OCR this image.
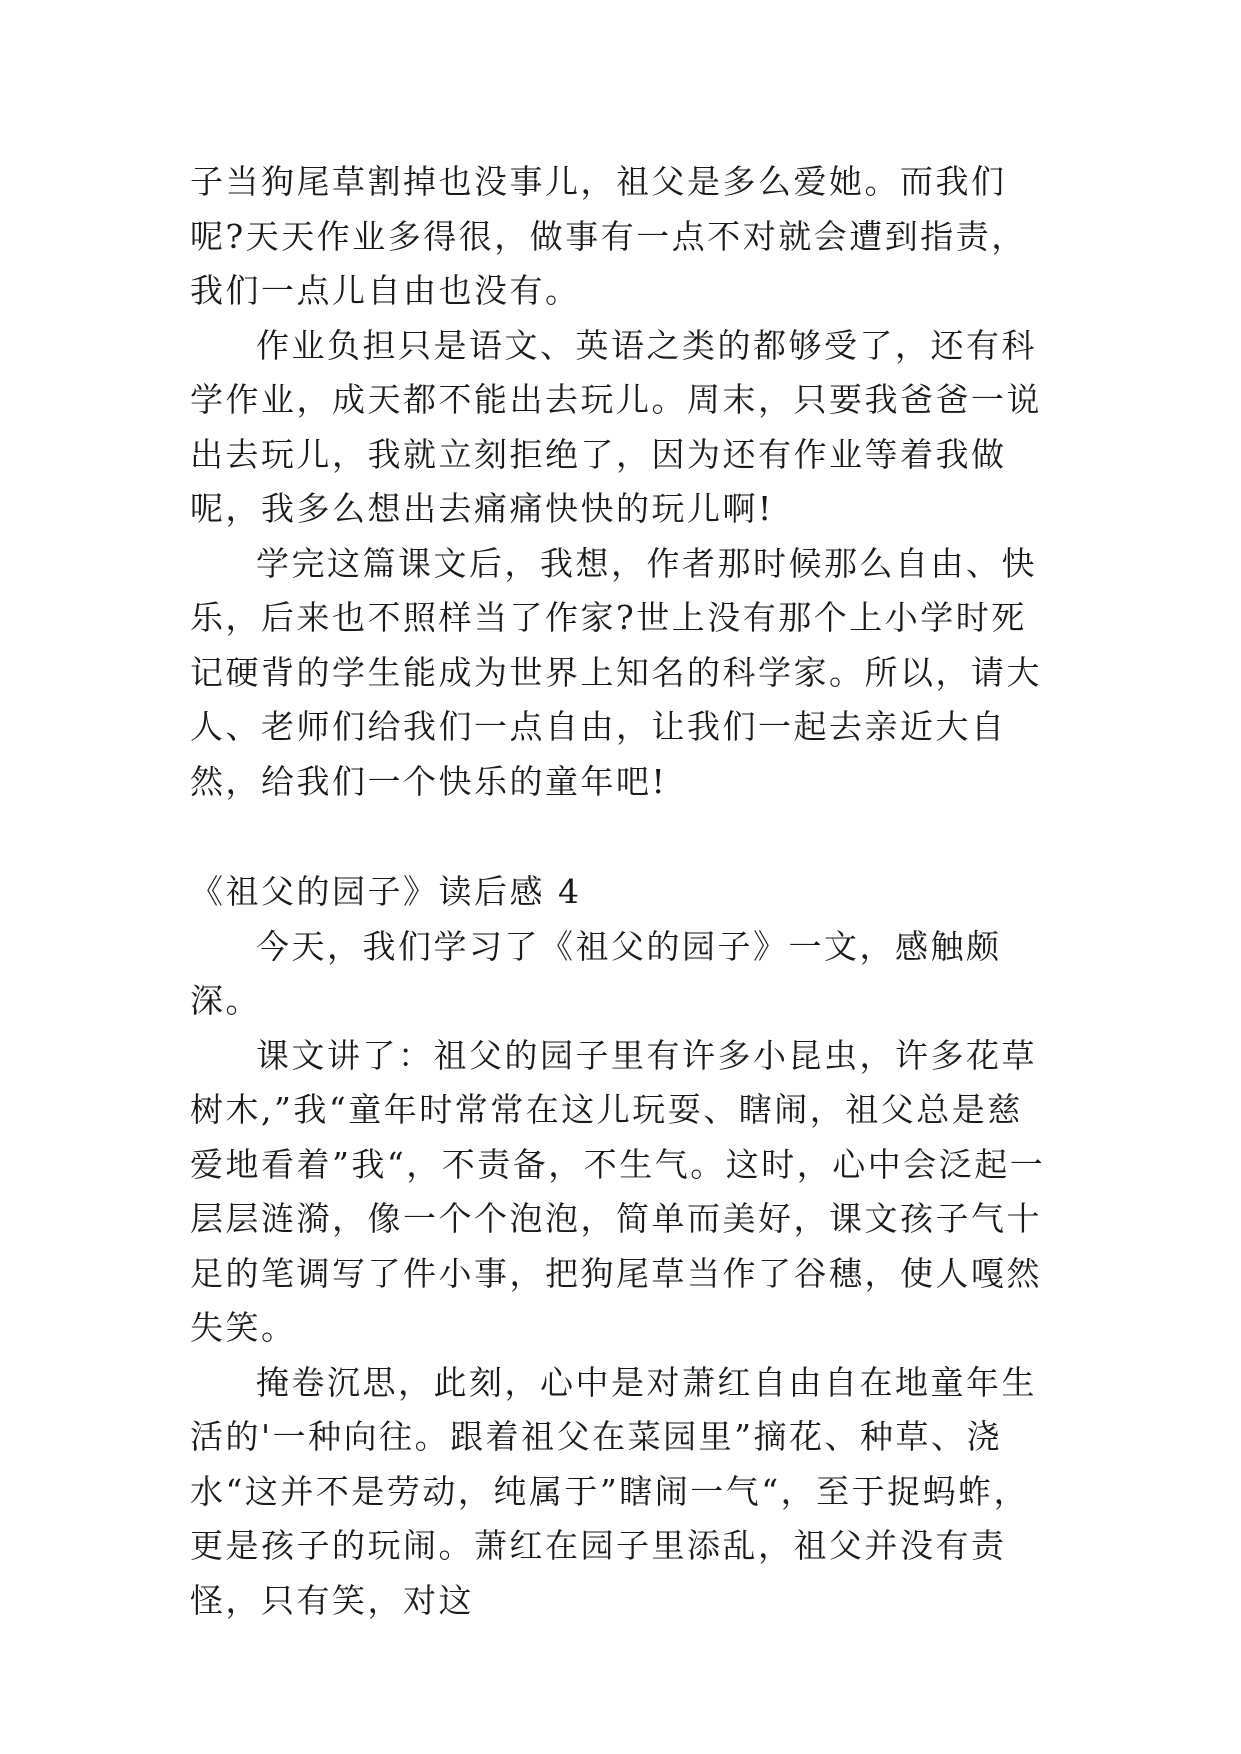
子当狗尾草割掉也没事儿，祖父是多么爱她。而我们呢?天天作业多得很，做事有一点不对就会遭到指责，我们一点儿自由也没有。

作业负担只是语文、英语之类的都够受了，还有科学作业，成天都不能出去玩儿。周末，只要我爸爸一说出去玩儿，我就立刻拒绝了，因为还有作业等着我做呢，我多么想出去痛痛快快的玩儿啊!

学完这篇课文后，我想，作者那时候那么自由、快乐，后来也不照样当了作家?世上没有那个上小学时死记硬背的学生能成为世界上知名的科学家。所以，请大人、老师们给我们一点自由，让我们一起去亲近大自然，给我们一个快乐的童年吧!

《祖父的园子》读后感 4

今天，我们学习了《祖父的园子》一文，感触颇深。

课文讲了：祖父的园子里有许多小昆虫，许多花草树木,”我“童年时常常在这儿玩耍、瞎闹，祖父总是慈爱地看着”我“，不责备，不生气。这时，心中会泛起一层层涟漪，像一个个泡泡，简单而美好，课文孩子气十足的笔调写了件小事，把狗尾草当作了谷穗，使人嘎然失笑。

掩卷沉思，此刻，心中是对萧红自由自在地童年生活的'一种向往。跟着祖父在菜园里”摘花、种草、浇水“这并不是劳动，纯属于”瞎闹一气“，至于捉蚂蚱，更是孩子的玩闹。萧红在园子里添乱，祖父并没有责怪，只有笑，对这
